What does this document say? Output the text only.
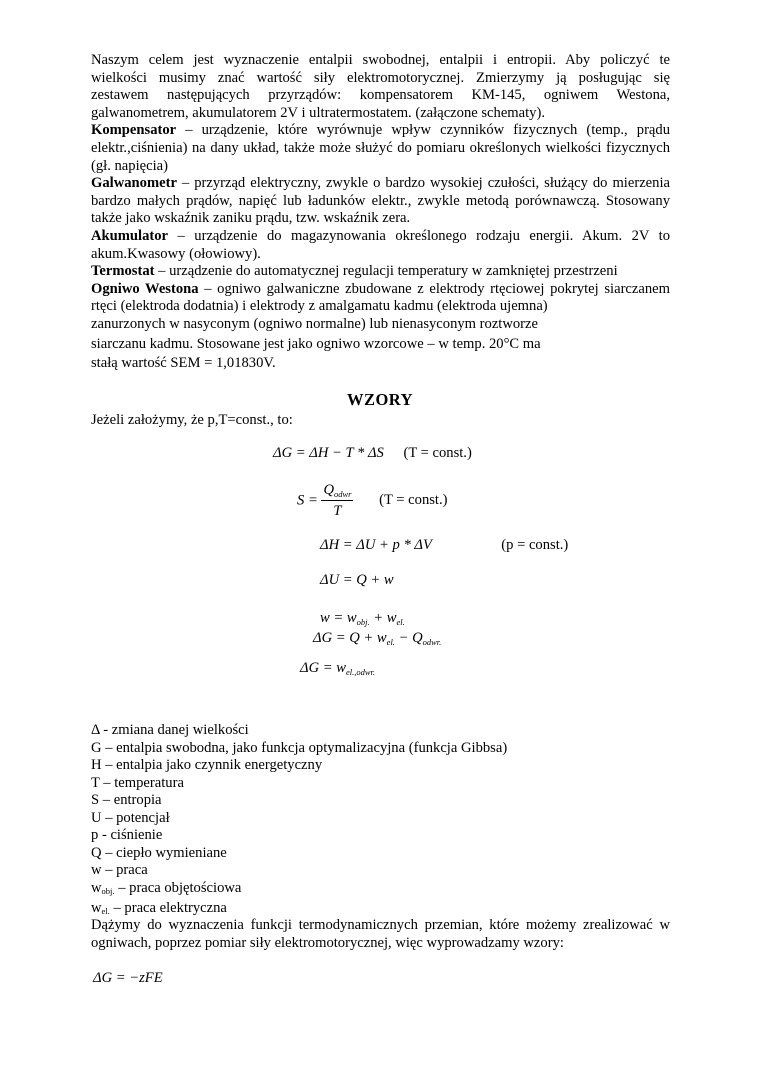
Naszym celem jest wyznaczenie entalpii swobodnej, entalpii i entropii. Aby policzyć te
wielkości musimy znać wartość siły elektromotorycznej. Zmierzymy ją posługując się
zestawem następujących przyrządów: kompensatorem KM-145, ogniwem Westona,
galwanometrem, akumulatorem 2V i ultratermostatem. (załączone schematy).
Kompensator – urządzenie, które wyrównuje wpływ czynników fizycznych (temp., prądu elektr.,ciśnienia) na dany układ, także może służyć do pomiaru określonych wielkości fizycznych (gł. napięcia)
Galwanometr – przyrząd elektryczny, zwykle o bardzo wysokiej czułości, służący do mierzenia bardzo małych prądów, napięć lub ładunków elektr., zwykle metodą porównawczą. Stosowany także jako wskaźnik zaniku prądu, tzw. wskaźnik zera.
Akumulator – urządzenie do magazynowania określonego rodzaju energii. Akum. 2V to akum.Kwasowy (ołowiowy).
Termostat – urządzenie do automatycznej regulacji temperatury w zamkniętej przestrzeni
Ogniwo Westona – ogniwo galwaniczne zbudowane z elektrody rtęciowej pokrytej siarczanem rtęci (elektroda dodatnia) i elektrody z amalgamatu kadmu (elektroda ujemna)
zanurzonych w nasyconym (ogniwo normalne) lub nienasyconym roztworze
siarczanu kadmu. Stosowane jest jako ogniwo wzorcowe – w temp. 20°C ma
stałą wartość SEM = 1,01830V.
WZORY
Jeżeli założymy, że p,T=const., to:
ΔG = ΔH − T * ΔS (T = const.)
$S = \frac{Q_{odwr}}{T} (T$ = const.)
ΔH = ΔU + p * ΔV	(p = const.)
ΔU = Q + w
$w = w_{obj.} + w_{el.}$
$\Delta G = Q + w_{el.} - Q_{odwr.}$
$\Delta G = w_{el.,odwr.}$
Δ - zmiana danej wielkości
G – entalpia swobodna, jako funkcja optymalizacyjna (funkcja Gibbsa)
H – entalpia jako czynnik energetyczny
T – temperatura
S – entropia
U – potencjał
p - ciśnienie
Q – ciepło wymieniane
w – praca
$w_{obj.}$ – praca objętościowa
$w_{el.}$ – praca elektryczna
Dążymy do wyznaczenia funkcji termodynamicznych przemian, które możemy zrealizować w ogniwach, poprzez pomiar siły elektromotorycznej, więc wyprowadzamy wzory:
ΔG = −zFE
